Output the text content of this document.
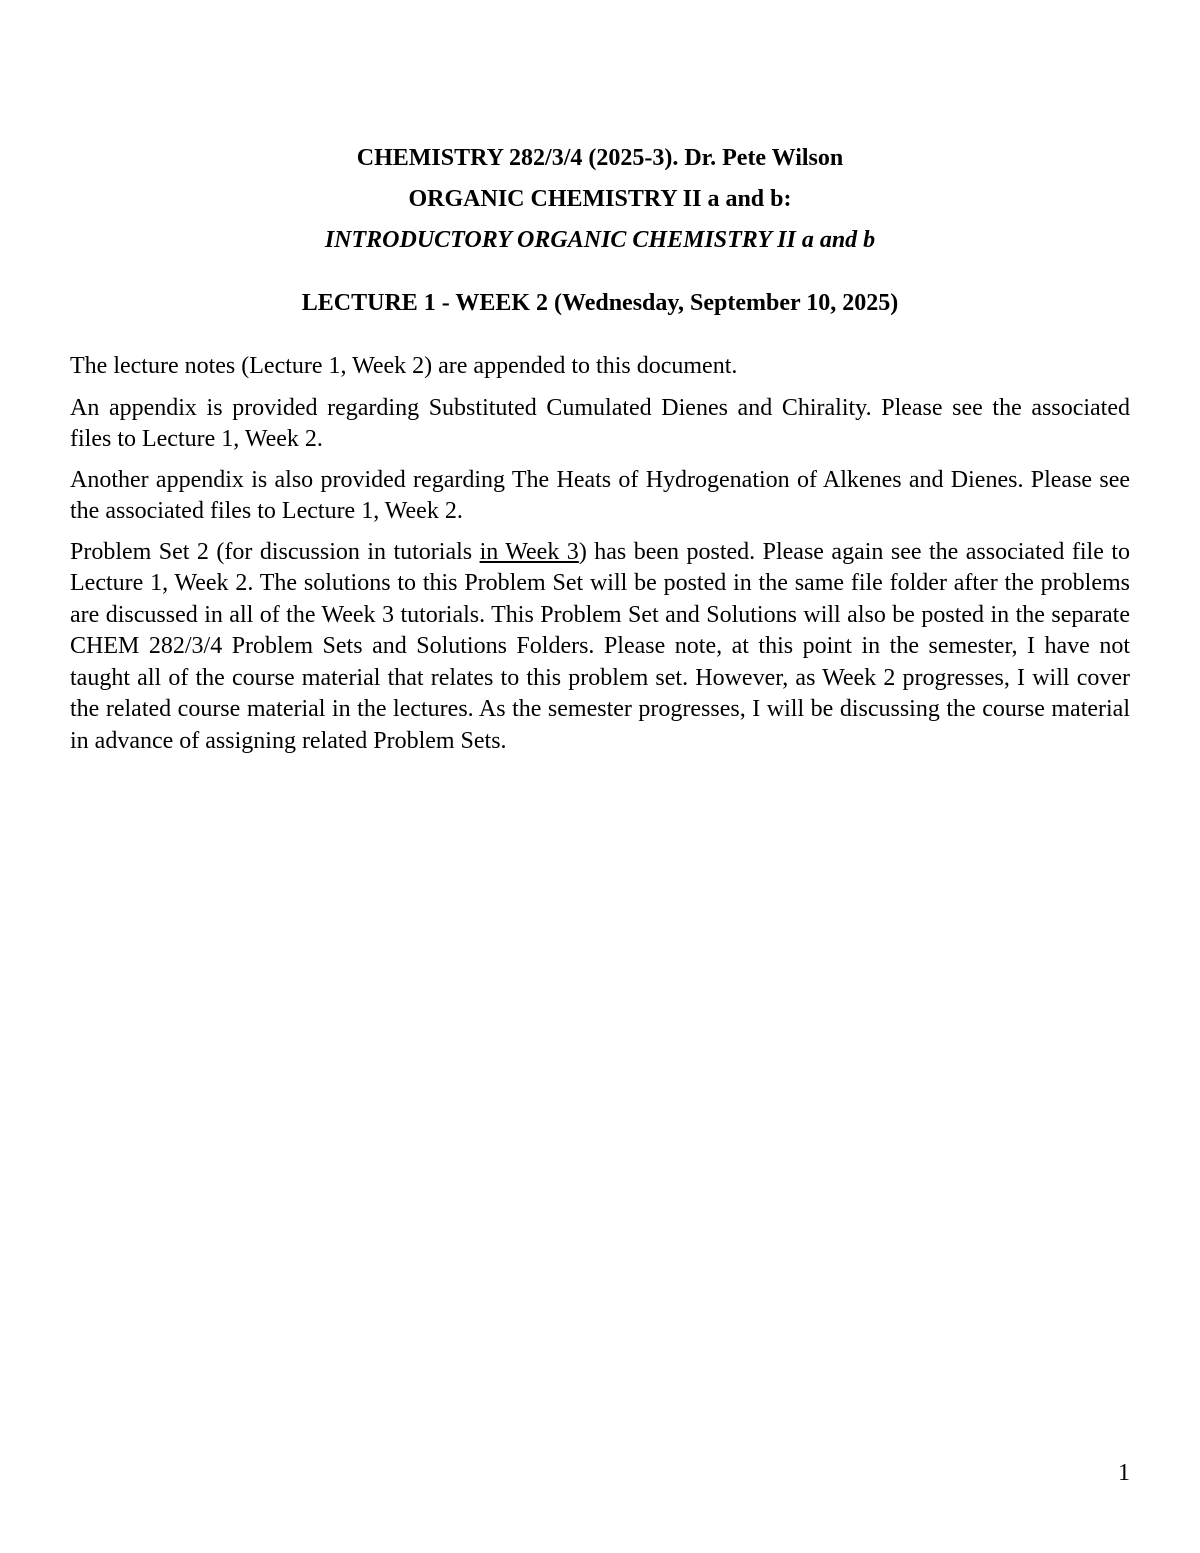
CHEMISTRY 282/3/4 (2025-3). Dr. Pete Wilson
ORGANIC CHEMISTRY II a and b:
INTRODUCTORY ORGANIC CHEMISTRY II a and b
LECTURE 1 - WEEK 2 (Wednesday, September 10, 2025)

The lecture notes (Lecture 1, Week 2) are appended to this document.

An appendix is provided regarding Substituted Cumulated Dienes and Chirality. Please see the associated files to Lecture 1, Week 2.

Another appendix is also provided regarding The Heats of Hydrogenation of Alkenes and Dienes. Please see the associated files to Lecture 1, Week 2.

Problem Set 2 (for discussion in tutorials in Week 3) has been posted. Please again see the associated file to Lecture 1, Week 2. The solutions to this Problem Set will be posted in the same file folder after the problems are discussed in all of the Week 3 tutorials. This Problem Set and Solutions will also be posted in the separate CHEM 282/3/4 Problem Sets and Solutions Folders. Please note, at this point in the semester, I have not taught all of the course material that relates to this problem set. However, as Week 2 progresses, I will cover the related course material in the lectures. As the semester progresses, I will be discussing the course material in advance of assigning related Problem Sets.

1
